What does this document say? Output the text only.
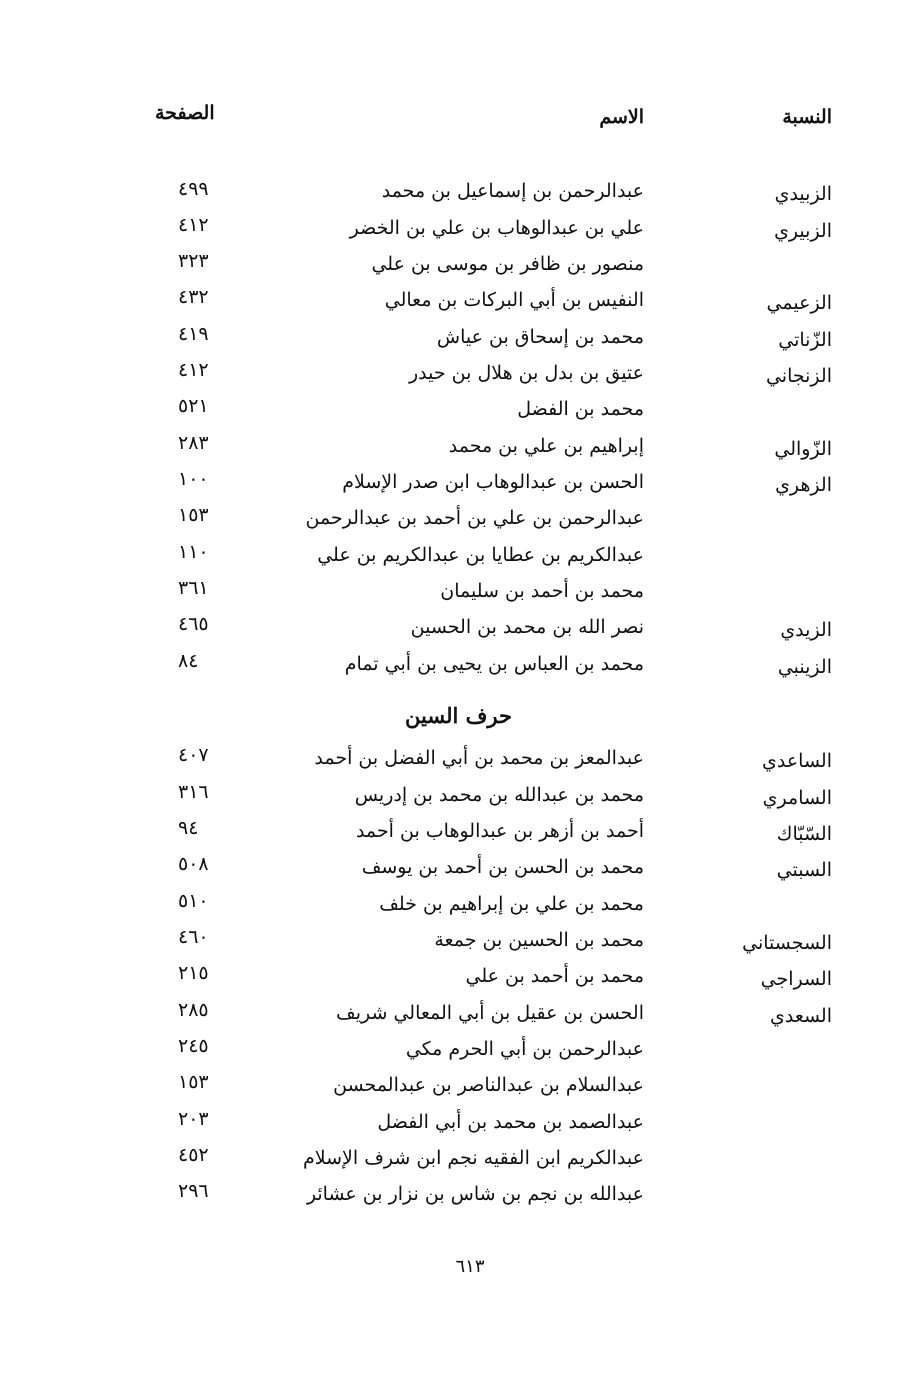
النسبة
الاسم
الصفحة
الزبيدي
عبدالرحمن بن إسماعيل بن محمد
٤٩٩
الزبيري
علي بن عبدالوهاب بن علي بن الخضر
٤١٢
منصور بن ظافر بن موسى بن علي
٣٢٣
الزعيمي
النفيس بن أبي البركات بن معالي
٤٣٢
الزّناتي
محمد بن إسحاق بن عياش
٤١٩
الزنجاني
عتيق بن بدل بن هلال بن حيدر
٤١٢
محمد بن الفضل
٥٢١
الزّوالي
إبراهيم بن علي بن محمد
٢٨٣
الزهري
الحسن بن عبدالوهاب ابن صدر الإسلام
١٠٠
عبدالرحمن بن علي بن أحمد بن عبدالرحمن
١٥٣
عبدالكريم بن عطايا بن عبدالكريم بن علي
١١٠
محمد بن أحمد بن سليمان
٣٦١
الزيدي
نصر الله بن محمد بن الحسين
٤٦٥
الزينبي
محمد بن العباس بن يحيى بن أبي تمام
٨٤
حرف السين
الساعدي
عبدالمعز بن محمد بن أبي الفضل بن أحمد
٤٠٧
السامري
محمد بن عبدالله بن محمد بن إدريس
٣١٦
السّبّاك
أحمد بن أزهر بن عبدالوهاب بن أحمد
٩٤
السبتي
محمد بن الحسن بن أحمد بن يوسف
٥٠٨
محمد بن علي بن إبراهيم بن خلف
٥١٠
السجستاني
محمد بن الحسين بن جمعة
٤٦٠
السراجي
محمد بن أحمد بن علي
٢١٥
السعدي
الحسن بن عقيل بن أبي المعالي شريف
٢٨٥
عبدالرحمن بن أبي الحرم مكي
٢٤٥
عبدالسلام بن عبدالناصر بن عبدالمحسن
١٥٣
عبدالصمد بن محمد بن أبي الفضل
٢٠٣
عبدالكريم ابن الفقيه نجم ابن شرف الإسلام
٤٥٢
عبدالله بن نجم بن شاس بن نزار بن عشائر
٢٩٦
٦١٣
